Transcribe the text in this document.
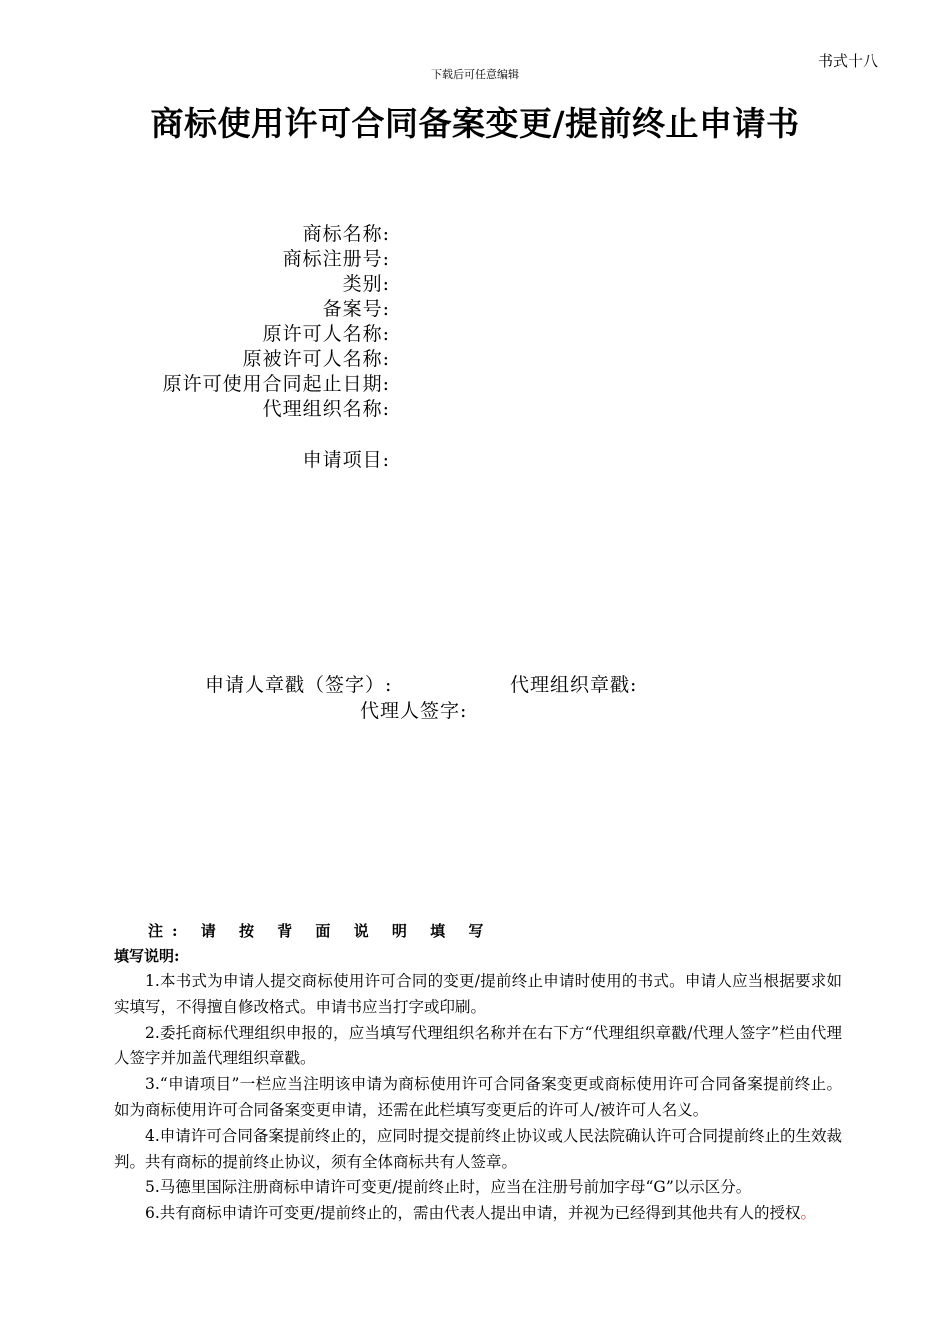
书式十八
下载后可任意编辑
商标使用许可合同备案变更/提前终止申请书
商标名称:
商标注册号:
类别:
备案号:
原许可人名称:
原被许可人名称:
原许可使用合同起止日期:
代理组织名称:
申请项目:
申请人章戳（签字）:	代理组织章戳:
代理人签字:
注: 请 按 背 面 说 明 填 写
填写说明:

1.本书式为申请人提交商标使用许可合同的变更/提前终止申请时使用的书式。申请人应当根据要求如实填写，不得擅自修改格式。申请书应当打字或印刷。

2.委托商标代理组织申报的，应当填写代理组织名称并在右下方“代理组织章戳/代理人签字”栏由代理人签字并加盖代理组织章戳。

3.“申请项目”一栏应当注明该申请为商标使用许可合同备案变更或商标使用许可合同备案提前终止。如为商标使用许可合同备案变更申请，还需在此栏填写变更后的许可人/被许可人名义。

4.申请许可合同备案提前终止的，应同时提交提前终止协议或人民法院确认许可合同提前终止的生效裁判。共有商标的提前终止协议，须有全体商标共有人签章。

5.马德里国际注册商标申请许可变更/提前终止时，应当在注册号前加字母“G”以示区分。

6.共有商标申请许可变更/提前终止的，需由代表人提出申请，并视为已经得到其他共有人的授权。
